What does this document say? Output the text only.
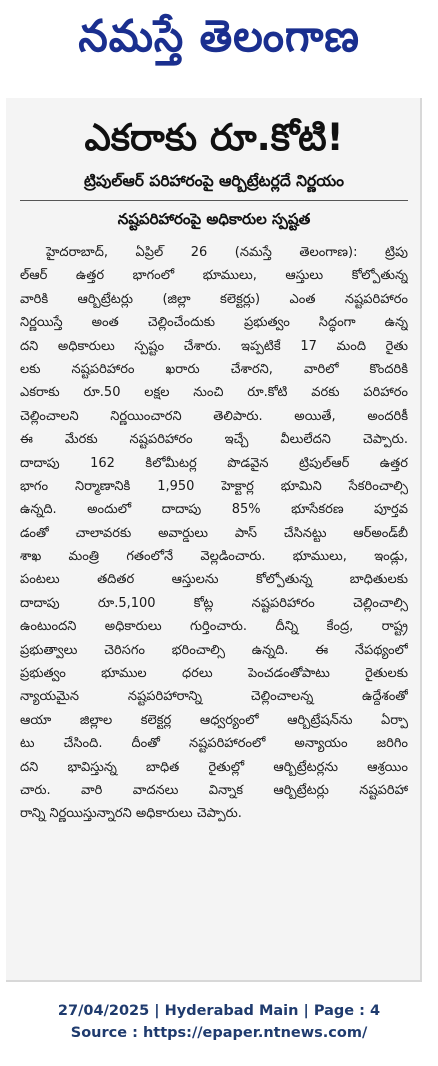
నమస్తే తెలంగాణ
ఎకరాకు రూ.కోటి!
ట్రిపుల్‌ఆర్‌ పరిహారంపై ఆర్బిట్రేటర్లదే నిర్ణయం
నష్టపరిహారంపై అధికారుల స్పష్టత
హైదరాబాద్‌, ఏప్రిల్‌ 26 (నమస్తే తెలంగాణ): ట్రిపు
ల్‌ఆర్‌ ఉత్తర భాగంలో భూములు, ఆస్తులు కోల్పోతున్న
వారికి ఆర్బిట్రేటర్లు (జిల్లా కలెక్టర్లు) ఎంత నష్టపరిహారం
నిర్ణయిస్తే అంత చెల్లించేందుకు ప్రభుత్వం సిద్ధంగా ఉన్న
దని అధికారులు స్పష్టం చేశారు. ఇప్పటికే 17 మంది రైతు
లకు నష్టపరిహారం ఖరారు చేశారని, వారిలో కొందరికి
ఎకరాకు రూ.50 లక్షల నుంచి రూ.కోటి వరకు పరిహారం
చెల్లించాలని నిర్ణయించారని తెలిపారు. అయితే, అందరికీ
ఈ మేరకు నష్టపరిహారం ఇచ్చే వీలులేదని చెప్పారు.
దాదాపు 162 కిలోమీటర్ల పొడవైన ట్రిపుల్‌ఆర్‌ ఉత్తర
భాగం నిర్మాణానికి 1,950 హెక్టార్ల భూమిని సేకరించాల్సి
ఉన్నది. అందులో దాదాపు 85% భూసేకరణ పూర్తవ
డంతో చాలావరకు అవార్డులు పాస్‌ చేసినట్టు ఆర్‌అండ్‌బీ
శాఖ మంత్రి గతంలోనే వెల్లడించారు. భూములు, ఇండ్లు,
పంటలు తదితర ఆస్తులను కోల్పోతున్న బాధితులకు
దాదాపు రూ.5,100 కోట్ల నష్టపరిహారం చెల్లించాల్సి
ఉంటుందని అధికారులు గుర్తించారు. దీన్ని కేంద్ర, రాష్ట్ర
ప్రభుత్వాలు చెరిసగం భరించాల్సి ఉన్నది. ఈ నేపథ్యంలో
ప్రభుత్వం భూముల ధరలు పెంచడంతోపాటు రైతులకు
న్యాయమైన నష్టపరిహారాన్ని చెల్లించాలన్న ఉద్దేశంతో
ఆయా జిల్లాల కలెక్టర్ల ఆధ్వర్యంలో ఆర్బిట్రేషన్‌ను ఏర్పా
టు చేసింది. దీంతో నష్టపరిహారంలో అన్యాయం జరిగిం
దని భావిస్తున్న బాధిత రైతుల్లో ఆర్బిట్రేటర్లను ఆశ్రయిం
చారు. వారి వాదనలు విన్నాక ఆర్బిట్రేటర్లు నష్టపరిహా
రాన్ని నిర్ణయిస్తున్నారని అధికారులు చెప్పారు.
27/04/2025 | Hyderabad Main | Page : 4
Source : https://epaper.ntnews.com/
